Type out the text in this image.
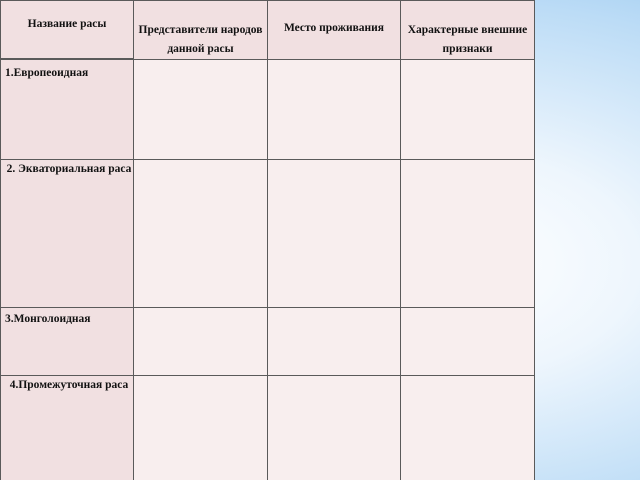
Название расы	Представители народов данной расы	Место проживания	Характерные внешние признаки

1.Европеоидная			

2. Экваториальная раса			

3.Монголоидная			

4.Промежуточная раса			
